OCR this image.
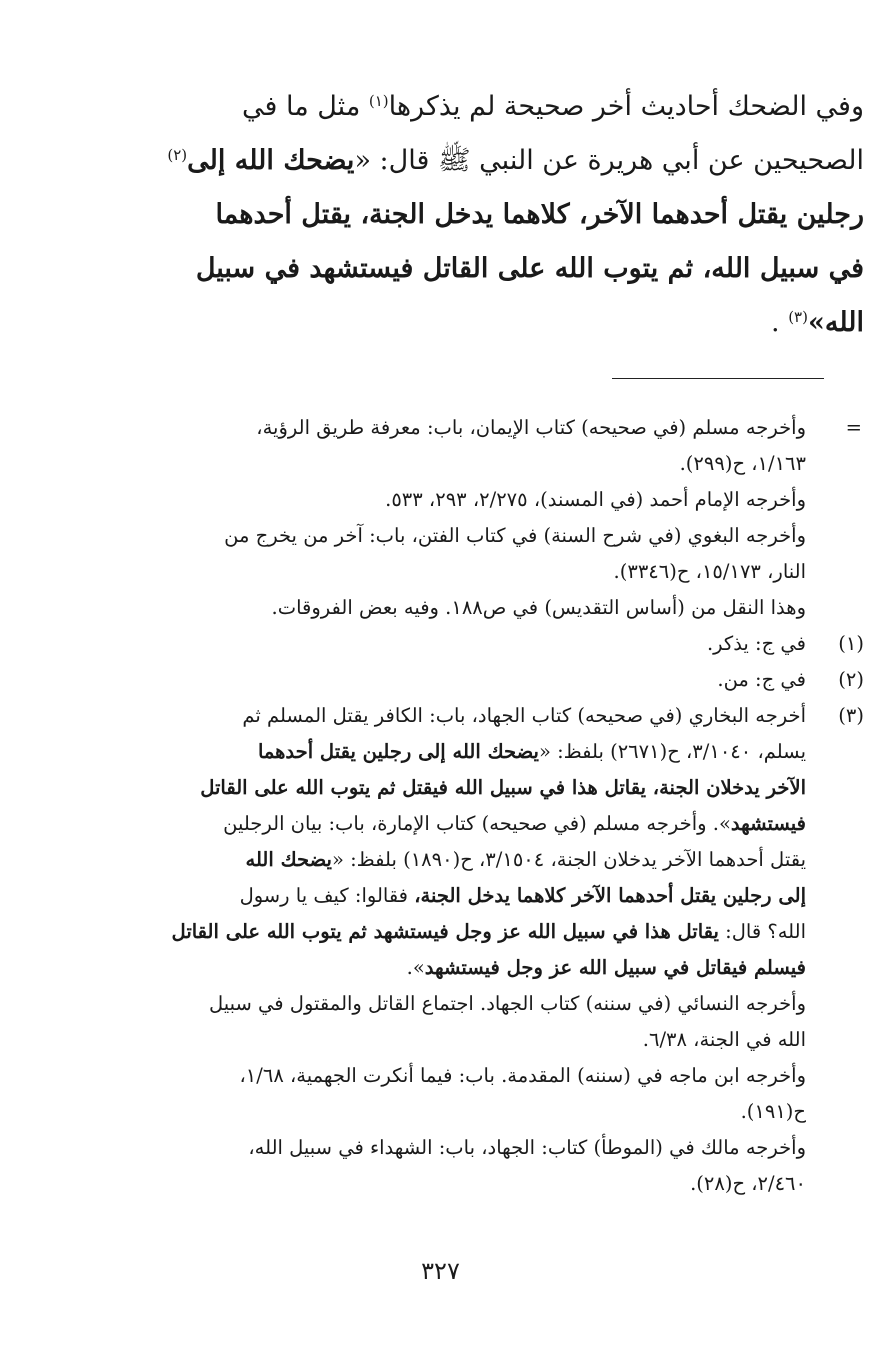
وفي الضحك أحاديث أخر صحيحة لم يذكرها$^{(١)}$ مثل ما في
الصحيحين عن أبي هريرة عن النبي ﷺ قال: «يضحك الله إلى$^{(٢)}$
رجلين يقتل أحدهما الآخر، كلاهما يدخل الجنة، يقتل أحدهما
في سبيل الله، ثم يتوب الله على القاتل فيستشهد في سبيل
الله»$^{(٣)}$ .
=
وأخرجه مسلم (في صحيحه) كتاب الإيمان، باب: معرفة طريق الرؤية،
١/١٦٣، ح(٢٩٩).
وأخرجه الإمام أحمد (في المسند)، ٢/٢٧٥، ٢٩٣، ٥٣٣.
وأخرجه البغوي (في شرح السنة) في كتاب الفتن، باب: آخر من يخرج من
النار، ١٥/١٧٣، ح(٣٣٤٦).
وهذا النقل من (أساس التقديس) في ص١٨٨. وفيه بعض الفروقات.
(١)في ج: يذكر.
(٢)في ج: من.
(٣)أخرجه البخاري (في صحيحه) كتاب الجهاد، باب: الكافر يقتل المسلم ثم
يسلم، ٣/١٠٤٠، ح(٢٦٧١) بلفظ: «يضحك الله إلى رجلين يقتل أحدهما
الآخر يدخلان الجنة، يقاتل هذا في سبيل الله فيقتل ثم يتوب الله على القاتل
فيستشهد». وأخرجه مسلم (في صحيحه) كتاب الإمارة، باب: بيان الرجلين
يقتل أحدهما الآخر يدخلان الجنة، ٣/١٥٠٤، ح(١٨٩٠) بلفظ: «يضحك الله
إلى رجلين يقتل أحدهما الآخر كلاهما يدخل الجنة، فقالوا: كيف يا رسول
الله؟ قال: يقاتل هذا في سبيل الله عز وجل فيستشهد ثم يتوب الله على القاتل
فيسلم فيقاتل في سبيل الله عز وجل فيستشهد».
وأخرجه النسائي (في سننه) كتاب الجهاد. اجتماع القاتل والمقتول في سبيل
الله في الجنة، ٦/٣٨.
وأخرجه ابن ماجه في (سننه) المقدمة. باب: فيما أنكرت الجهمية، ١/٦٨،
ح(١٩١).
وأخرجه مالك في (الموطأ) كتاب: الجهاد، باب: الشهداء في سبيل الله،
٢/٤٦٠، ح(٢٨).
٣٢٧
